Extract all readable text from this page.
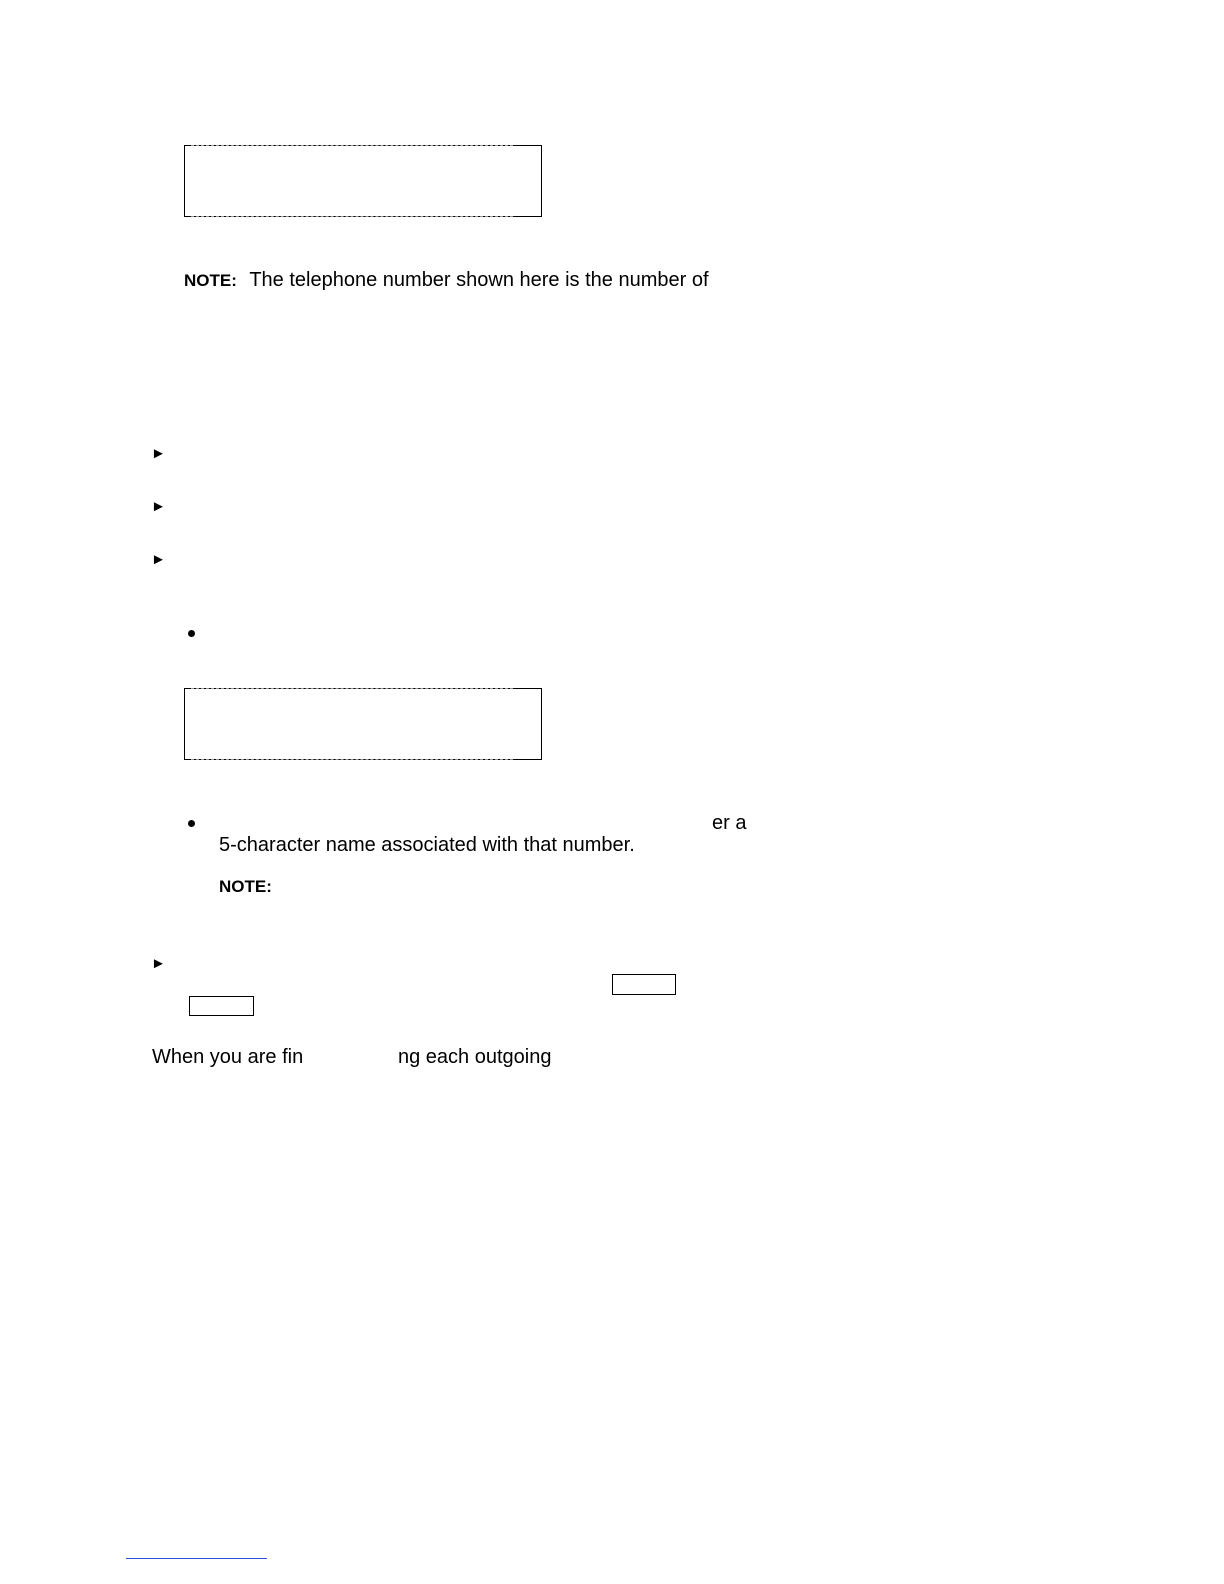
NOTE: The telephone number shown here is the number of
►
►
►
er a
5-character name associated with that number.
NOTE:
►
When you are fin	ng each outgoing
